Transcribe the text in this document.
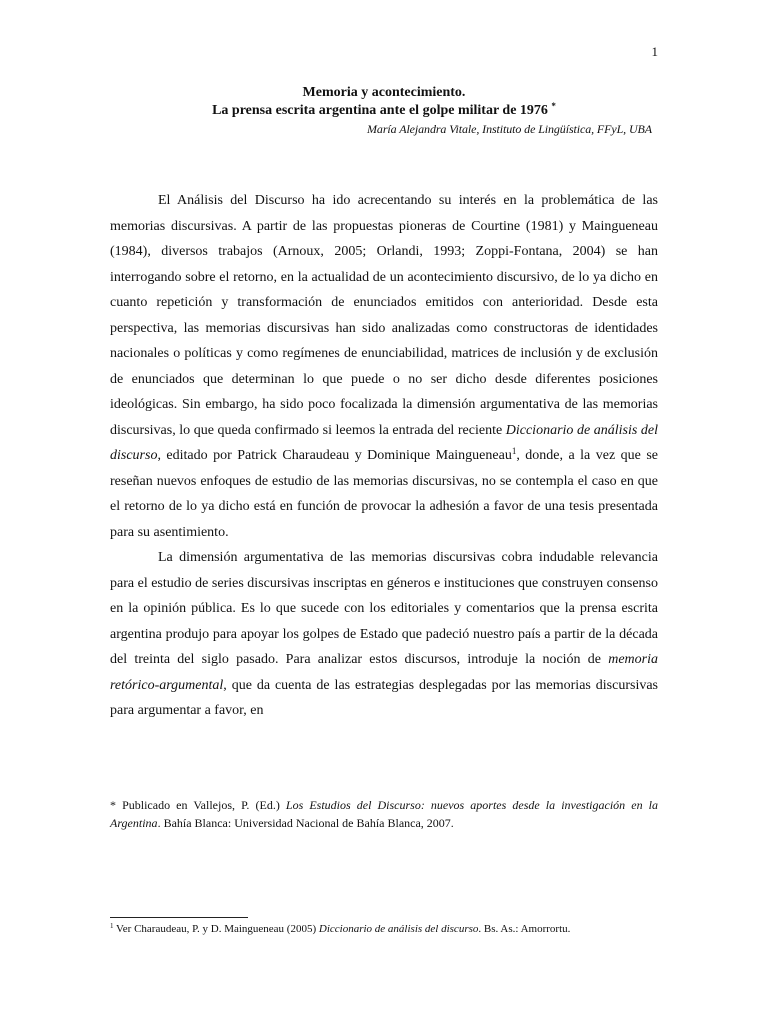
1

Memoria y acontecimiento.

La prensa escrita argentina ante el golpe militar de 1976 *

María Alejandra Vitale, Instituto de Lingüística, FFyL, UBA

El Análisis del Discurso ha ido acrecentando su interés en la problemática de las memorias discursivas. A partir de las propuestas pioneras de Courtine (1981) y Maingueneau (1984), diversos trabajos (Arnoux, 2005; Orlandi, 1993; Zoppi-Fontana, 2004) se han interrogando sobre el retorno, en la actualidad de un acontecimiento discursivo, de lo ya dicho en cuanto repetición y transformación de enunciados emitidos con anterioridad. Desde esta perspectiva, las memorias discursivas han sido analizadas como constructoras de identidades nacionales o políticas y como regímenes de enunciabilidad, matrices de inclusión y de exclusión de enunciados que determinan lo que puede o no ser dicho desde diferentes posiciones ideológicas. Sin embargo, ha sido poco focalizada la dimensión argumentativa de las memorias discursivas, lo que queda confirmado si leemos la entrada del reciente Diccionario de análisis del discurso, editado por Patrick Charaudeau y Dominique Maingueneau$^1$, donde, a la vez que se reseñan nuevos enfoques de estudio de las memorias discursivas, no se contempla el caso en que el retorno de lo ya dicho está en función de provocar la adhesión a favor de una tesis presentada para su asentimiento.

La dimensión argumentativa de las memorias discursivas cobra indudable relevancia para el estudio de series discursivas inscriptas en géneros e instituciones que construyen consenso en la opinión pública. Es lo que sucede con los editoriales y comentarios que la prensa escrita argentina produjo para apoyar los golpes de Estado que padeció nuestro país a partir de la década del treinta del siglo pasado. Para analizar estos discursos, introduje la noción de memoria retórico-argumental, que da cuenta de las estrategias desplegadas por las memorias discursivas para argumentar a favor, en

* Publicado en Vallejos, P. (Ed.) Los Estudios del Discurso: nuevos aportes desde la investigación en la Argentina. Bahía Blanca: Universidad Nacional de Bahía Blanca, 2007.
$^1$ Ver Charaudeau, P. y D. Maingueneau (2005) Diccionario de análisis del discurso. Bs. As.: Amorrortu.
